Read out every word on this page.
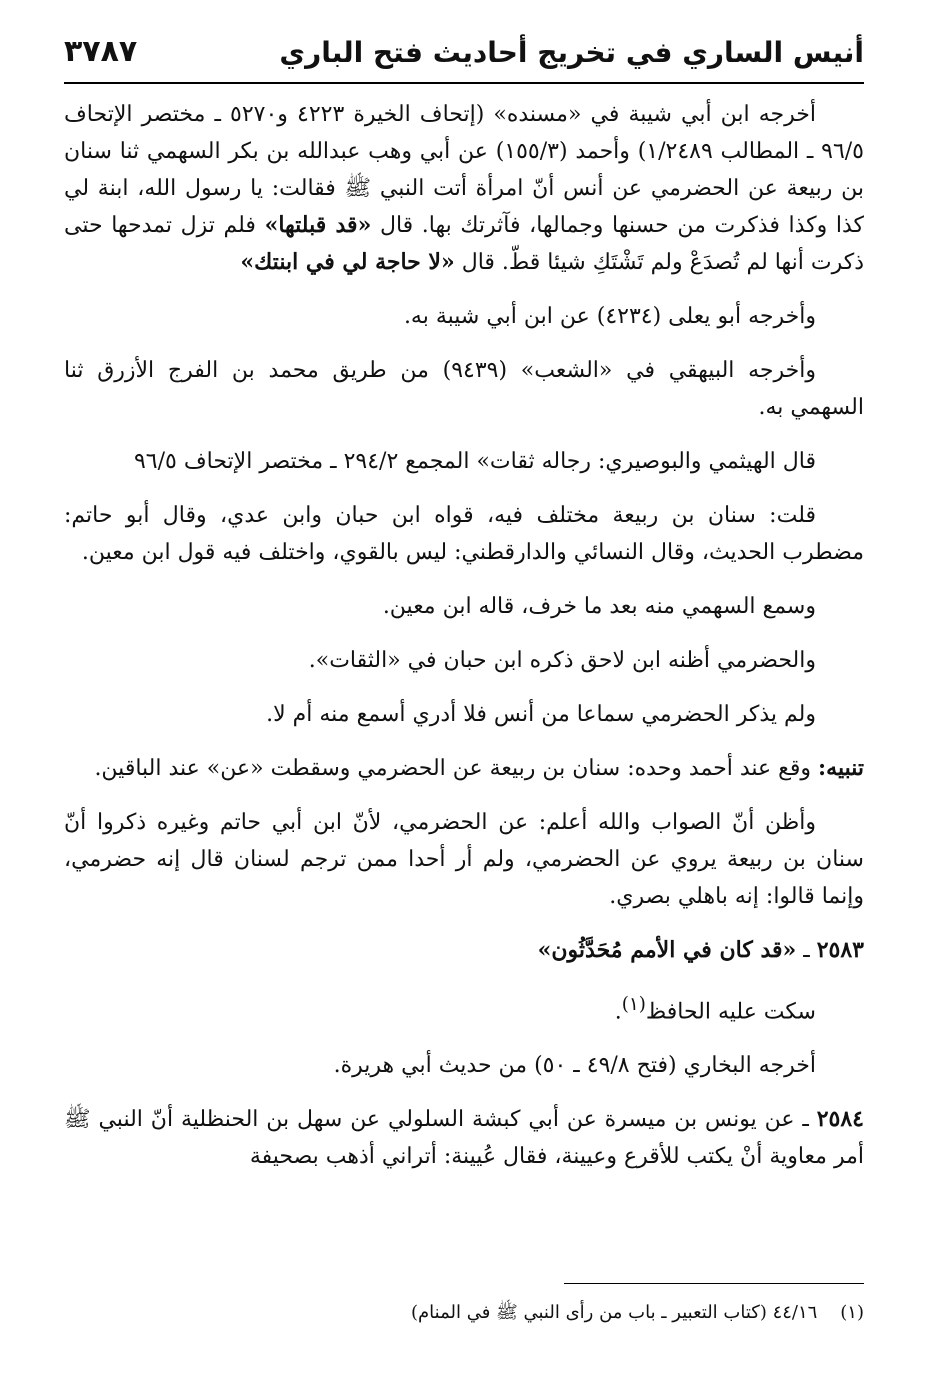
أنيس الساري في تخريج أحاديث فتح الباري
٣٧٨٧

أخرجه ابن أبي شيبة في «مسنده» (إتحاف الخيرة ٤٢٢٣ و٥٢٧٠ ـ مختصر الإتحاف ٩٦/٥ ـ المطالب ١/٢٤٨٩) وأحمد (١٥٥/٣) عن أبي وهب عبدالله بن بكر السهمي ثنا سنان بن ربيعة عن الحضرمي عن أنس أنّ امرأة أتت النبي ﷺ فقالت: يا رسول الله، ابنة لي كذا وكذا فذكرت من حسنها وجمالها، فآثرتك بها. قال «قد قبلتها» فلم تزل تمدحها حتى ذكرت أنها لم تُصدَعْ ولم تَشْتَكِ شيئا قطّ. قال «لا حاجة لي في ابنتك»

وأخرجه أبو يعلى (٤٢٣٤) عن ابن أبي شيبة به.

وأخرجه البيهقي في «الشعب» (٩٤٣٩) من طريق محمد بن الفرج الأزرق ثنا السهمي به.

قال الهيثمي والبوصيري: رجاله ثقات» المجمع ٢٩٤/٢ ـ مختصر الإتحاف ٩٦/٥

قلت: سنان بن ربيعة مختلف فيه، قواه ابن حبان وابن عدي، وقال أبو حاتم: مضطرب الحديث، وقال النسائي والدارقطني: ليس بالقوي، واختلف فيه قول ابن معين.

وسمع السهمي منه بعد ما خرف، قاله ابن معين.

والحضرمي أظنه ابن لاحق ذكره ابن حبان في «الثقات».

ولم يذكر الحضرمي سماعا من أنس فلا أدري أسمع منه أم لا.

تنبيه: وقع عند أحمد وحده: سنان بن ربيعة عن الحضرمي وسقطت «عن» عند الباقين.

وأظن أنّ الصواب والله أعلم: عن الحضرمي، لأنّ ابن أبي حاتم وغيره ذكروا أنّ سنان بن ربيعة يروي عن الحضرمي، ولم أر أحدا ممن ترجم لسنان قال إنه حضرمي، وإنما قالوا: إنه باهلي بصري.

٢٥٨٣ ـ «قد كان في الأمم مُحَدَّثُون»

سكت عليه الحافظ$^{(١)}$.

أخرجه البخاري (فتح ٤٩/٨ ـ ٥٠) من حديث أبي هريرة.

٢٥٨٤ ـ عن يونس بن ميسرة عن أبي كبشة السلولي عن سهل بن الحنظلية أنّ النبي ﷺ أمر معاوية أنْ يكتب للأقرع وعيينة، فقال عُيينة: أتراني أذهب بصحيفة

(١)    ٤٤/١٦ (كتاب التعبير ـ باب من رأى النبي ﷺ في المنام)
